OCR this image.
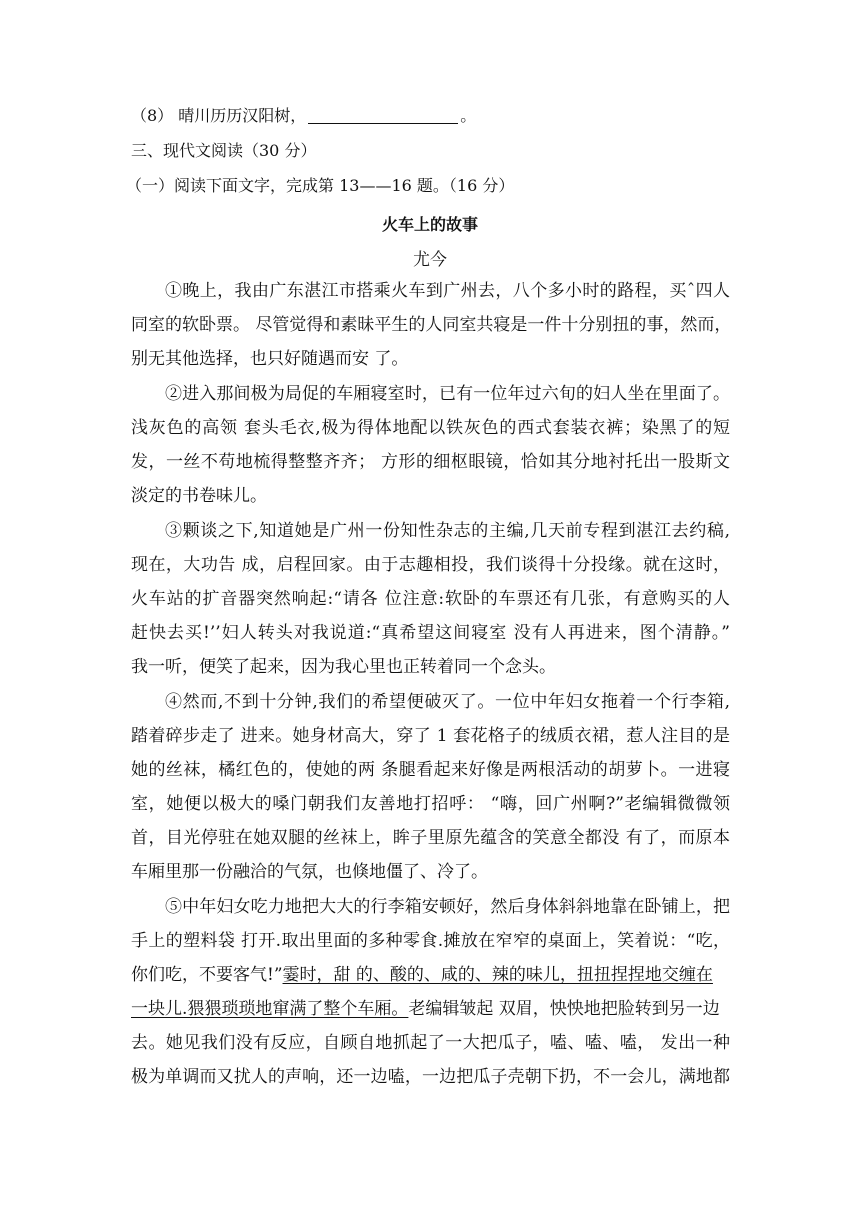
（8） 晴川历历汉阳树，	。
三、现代文阅读（30 分）
（一）阅读下面文字，完成第 13——16 题。（16 分）
火车上的故事
尤今
①晚上，我由广东湛江市搭乘火车到广州去，八个多小时的路程，买ˆ四人
同室的软卧票。 尽管觉得和素昧平生的人同室共寝是一件十分别扭的事，然而，
别无其他选择，也只好随遇而安 了。
②进入那间极为局促的车厢寝室时，已有一位年过六旬的妇人坐在里面了。
浅灰色的高领 套头毛衣,极为得体地配以铁灰色的西式套装衣裤；染黑了的短
发，一丝不苟地梳得整整齐齐； 方形的细枢眼镜，恰如其分地衬托出一股斯文
淡定的书卷味儿。
③颗谈之下,知道她是广州一份知性杂志的主编,几天前专程到湛江去约稿,
现在，大功告 成，启程回家。由于志趣相投，我们谈得十分投缘。就在这时，
火车站的扩音器突然响起:“请各 位注意:软卧的车票还有几张，有意购买的人
赶快去买!’’妇人转头对我说道:“真希望这间寝室 没有人再进来，图个清静。”
我一听，便笑了起来，因为我心里也正转着同一个念头。
④然而,不到十分钟,我们的希望便破灭了。一位中年妇女拖着一个行李箱,
踏着碎步走了 进来。她身材高大，穿了 1 套花格子的绒质衣裙，惹人注目的是
她的丝袜，橘红色的，使她的两 条腿看起来好像是两根活动的胡萝卜。一进寝
室，她便以极大的嗓门朝我们友善地打招呼： “嗨，回广州啊?”老编辑微微领
首，目光停驻在她双腿的丝袜上，眸子里原先蕴含的笑意全都没 有了，而原本
车厢里那一份融洽的气氛，也倏地僵了、冷了。
⑤中年妇女吃力地把大大的行李箱安顿好，然后身体斜斜地靠在卧铺上，把
手上的塑料袋 打开.取出里面的多种零食.摊放在窄窄的桌面上，笑着说：“吃，
你们吃，不要客气!”霎时，甜 的、酸的、咸的、辣的味儿，扭扭捏捏地交缠在
一块儿.猥猥琐琐地窜满了整个车厢。老编辑皱起 双眉，怏怏地把脸转到另一边
去。她见我们没有反应，自顾自地抓起了一大把瓜子，嗑、嗑、嗑， 发出一种
极为单调而又扰人的声响，还一边嗑，一边把瓜子壳朝下扔，不一会儿，满地都
